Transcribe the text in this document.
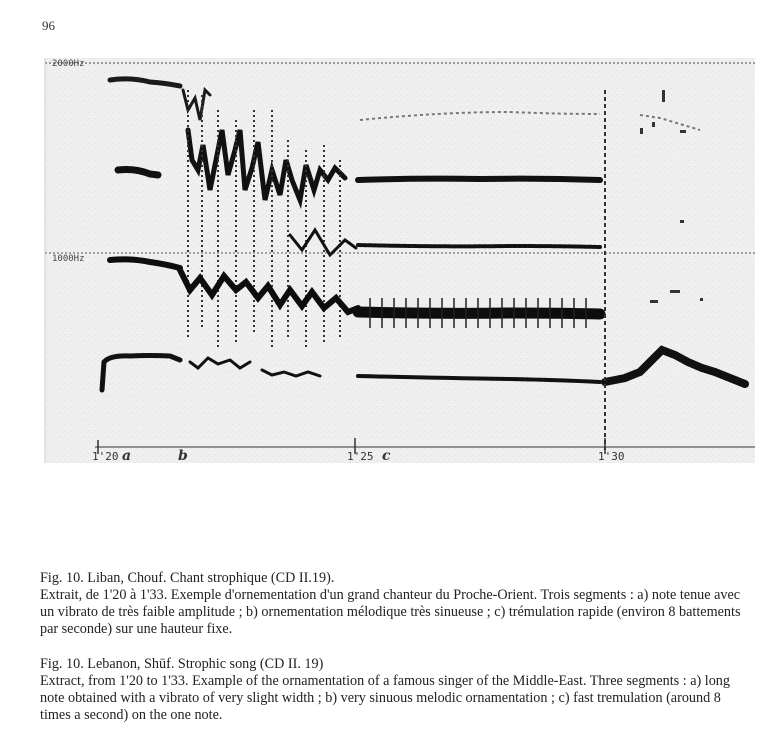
96
2000Hz
1000Hz
1'20 a	b	1'25 c	1'30

Fig. 10. Liban, Chouf. Chant strophique (CD II.19).

Extrait, de 1'20 à 1'33. Exemple d'ornementation d'un grand chanteur du Proche-Orient. Trois segments : a) note tenue avec un vibrato de très faible amplitude ; b) ornementation mélodique très sinueuse ; c) trémulation rapide (environ 8 battements par seconde) sur une hauteur fixe.

Fig. 10. Lebanon, Shūf. Strophic song (CD II. 19)

Extract, from 1'20 to 1'33. Example of the ornamentation of a famous singer of the Middle-East. Three segments : a) long note obtained with a vibrato of very slight width ; b) very sinuous melodic ornamentation ; c) fast tremulation (around 8 times a second) on the one note.
